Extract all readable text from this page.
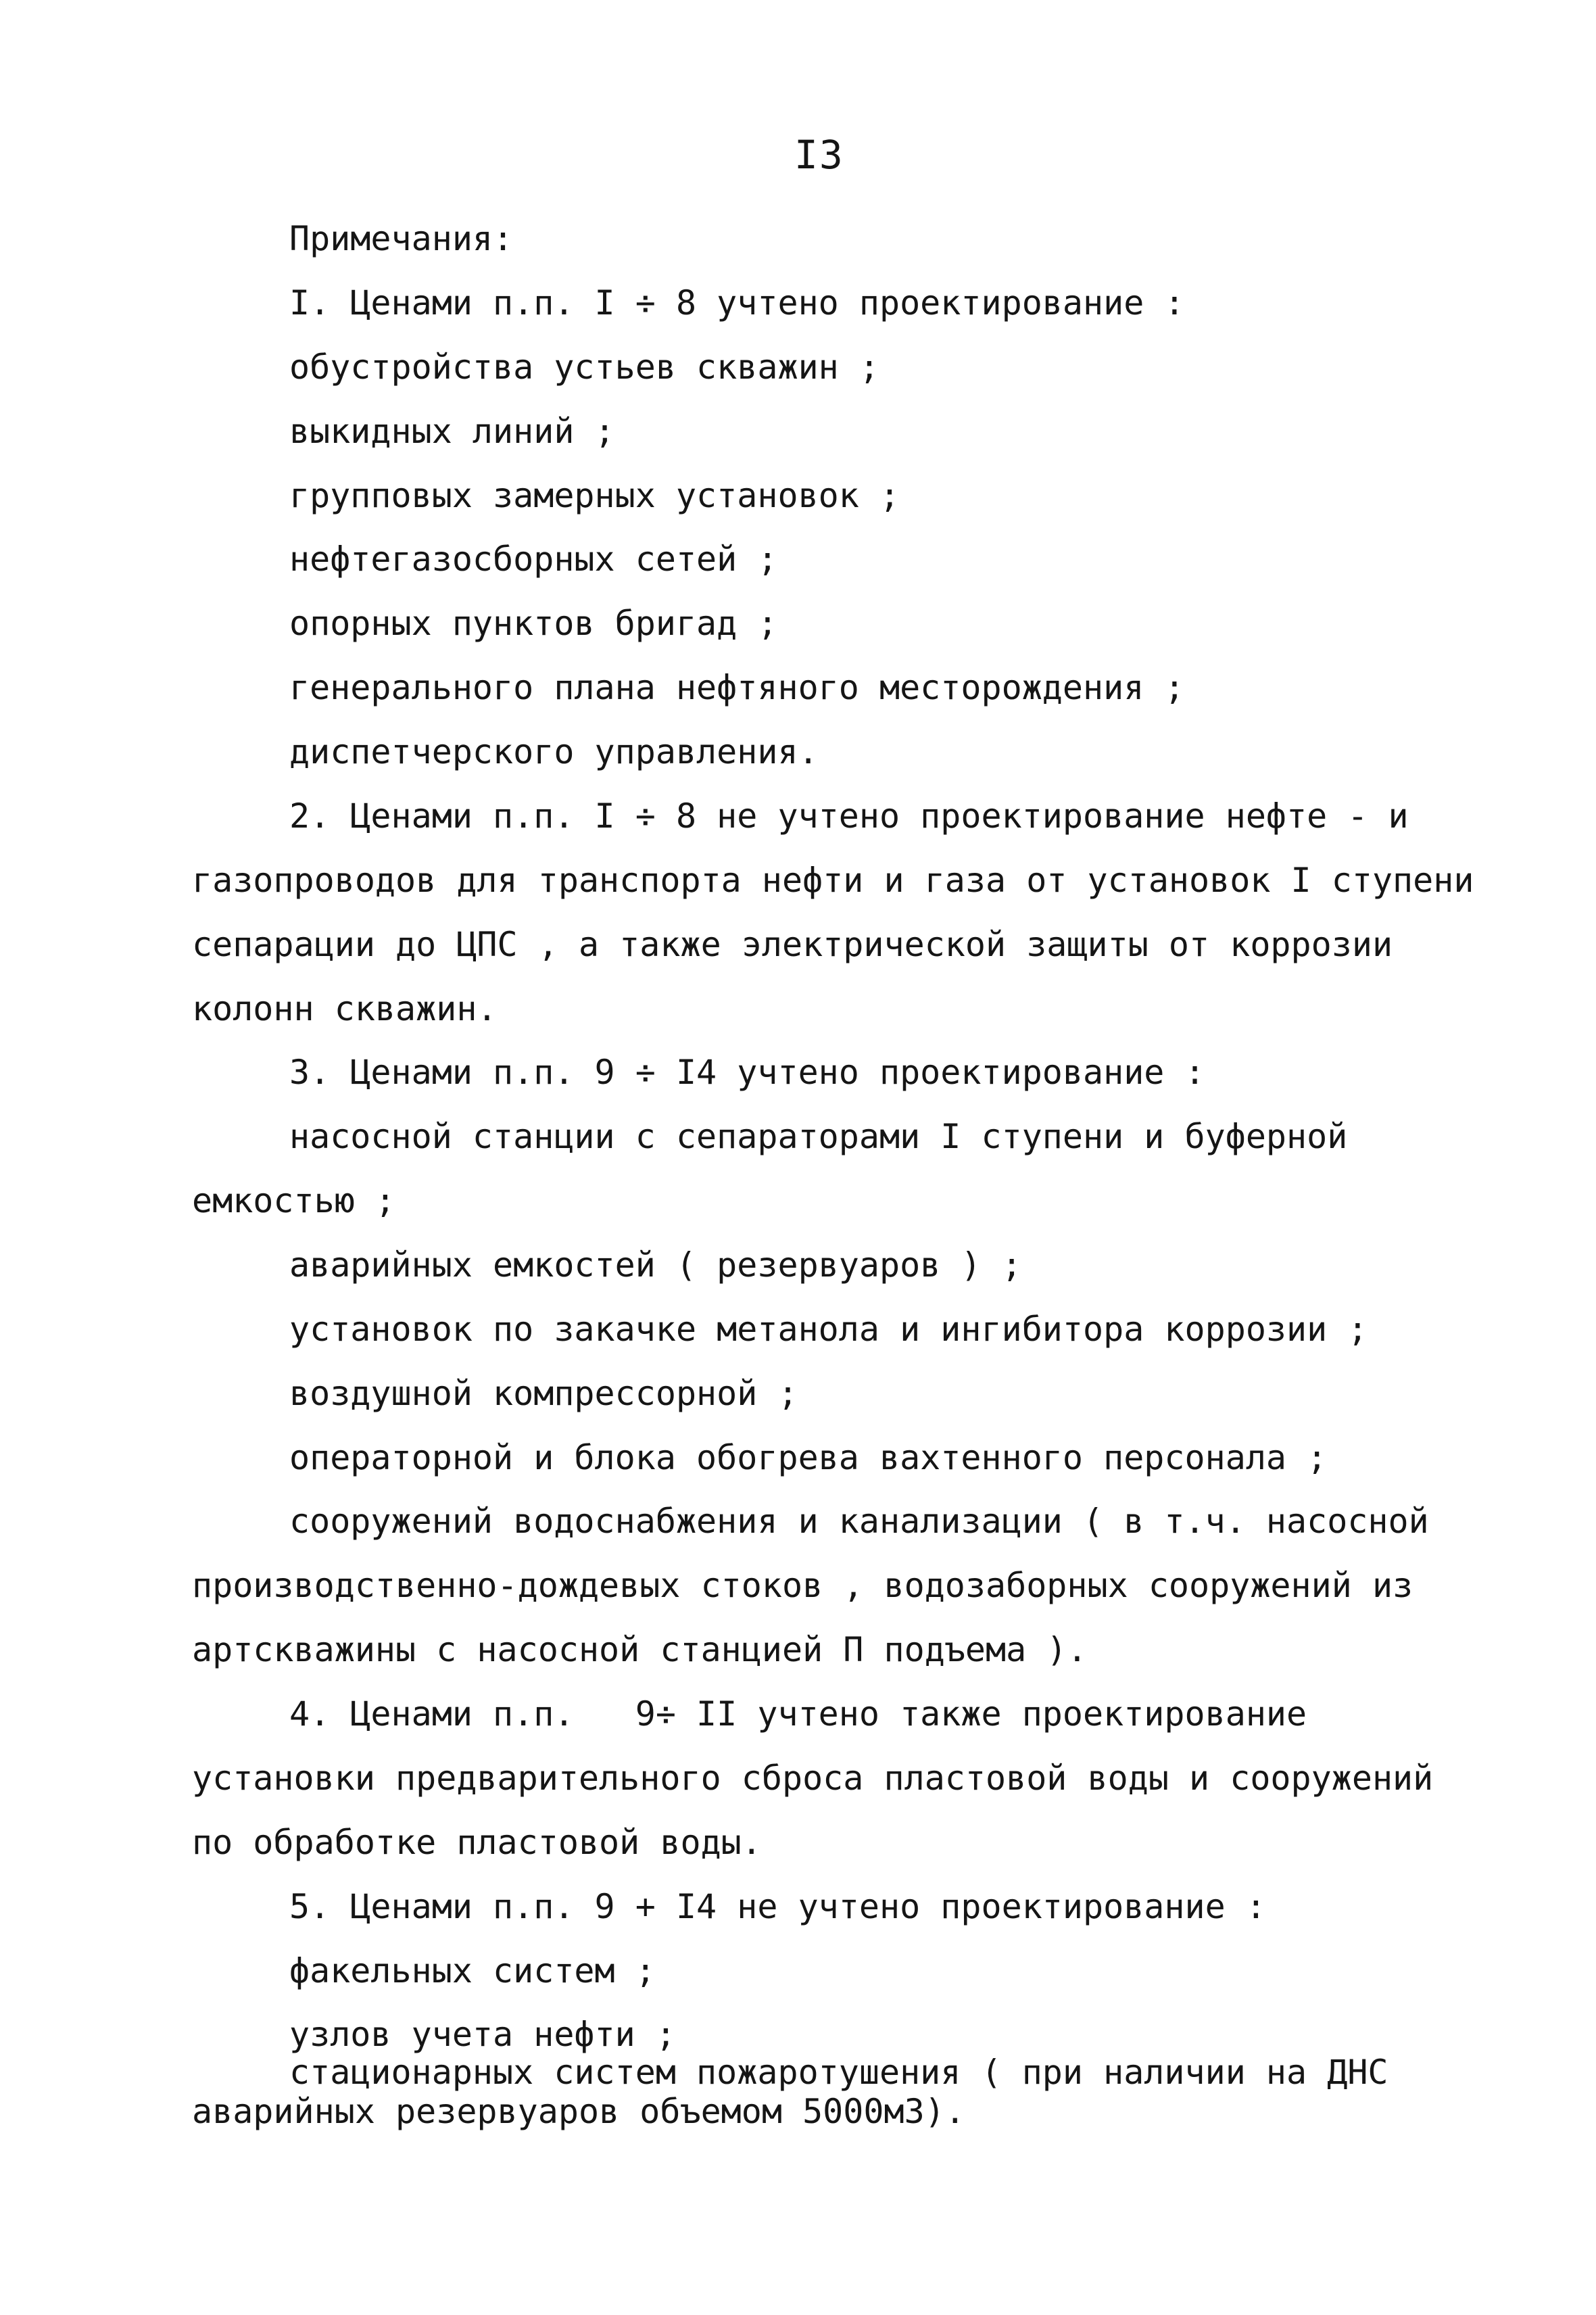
I3
Примечания:
I. Ценами п.п. I ÷ 8 учтено проектирование :
обустройства устьев скважин ;
выкидных линий ;
групповых замерных установок ;
нефтегазосборных сетей ;
опорных пунктов бригад ;
генерального плана нефтяного месторождения ;
диспетчерского управления.
2. Ценами п.п. I ÷ 8 не учтено проектирование нефте - и
газопроводов для транспорта нефти и газа от установок I ступени
сепарации до ЦПС , а также электрической защиты от коррозии
колонн скважин.
3. Ценами п.п. 9 ÷ I4 учтено проектирование :
насосной станции с сепараторами I ступени и буферной
емкостью ;
аварийных емкостей ( резервуаров ) ;
установок по закачке метанола и ингибитора коррозии ;
воздушной компрессорной ;
операторной и блока обогрева вахтенного персонала ;
сооружений водоснабжения и канализации ( в т.ч. насосной
производственно-дождевых стоков , водозаборных сооружений из
артскважины с насосной станцией П подъема ).
4. Ценами п.п.   9÷ II учтено также проектирование
установки предварительного сброса пластовой воды и сооружений
по обработке пластовой воды.
5. Ценами п.п. 9 + I4 не учтено проектирование :
факельных систем ;
узлов учета нефти ;
стационарных систем пожаротушения ( при наличии на ДНС
аварийных резервуаров объемом 5000м3).
